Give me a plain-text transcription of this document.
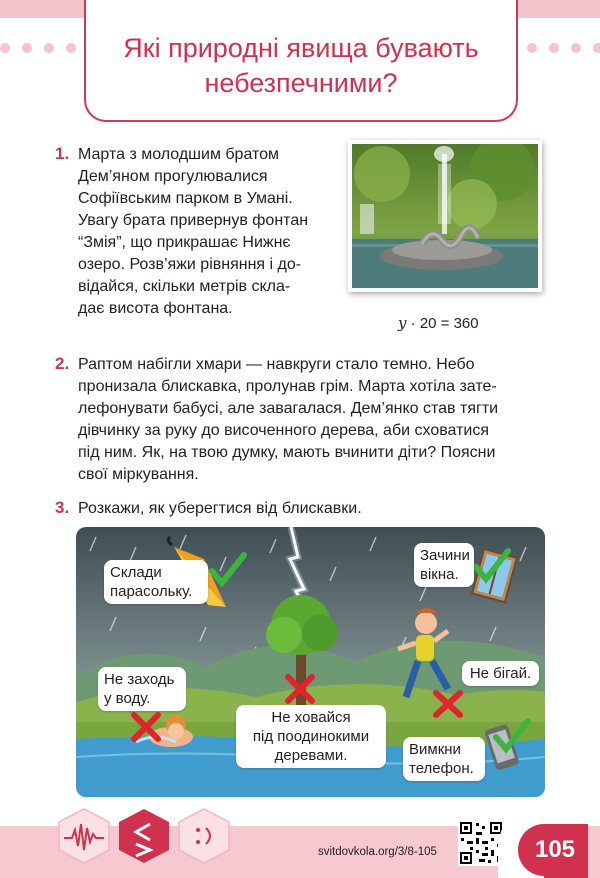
Які природні явища бувають
небезпечними?
1. Марта з молодшим братом
Дем’яном прогулювалися
Софіївським парком в Умані.
Увагу брата привернув фонтан
“Змія”, що прикрашає Нижнє
озеро. Розв’яжи рівняння і до-
відайся, скільки метрів скла-
дає висота фонтана.
y · 20 = 360
2. Раптом набігли хмари — навкруги стало темно. Небо
пронизала блискавка, пролунав грім. Марта хотіла зате-
лефонувати бабусі, але завагалася. Дем’янко став тягти
дівчинку за руку до височенного дерева, аби сховатися
під ним. Як, на твою думку, мають вчинити діти? Поясни
свої міркування.
3. Розкажи, як уберегтися від блискавки.
Склади
парасольку.
Зачини
вікна.
Не бігай.
Не заходь
у воду.
Не ховайся
під поодинокими
деревами.	Вимкни
телефон.
svitdovkola.org/3/8-105	105
